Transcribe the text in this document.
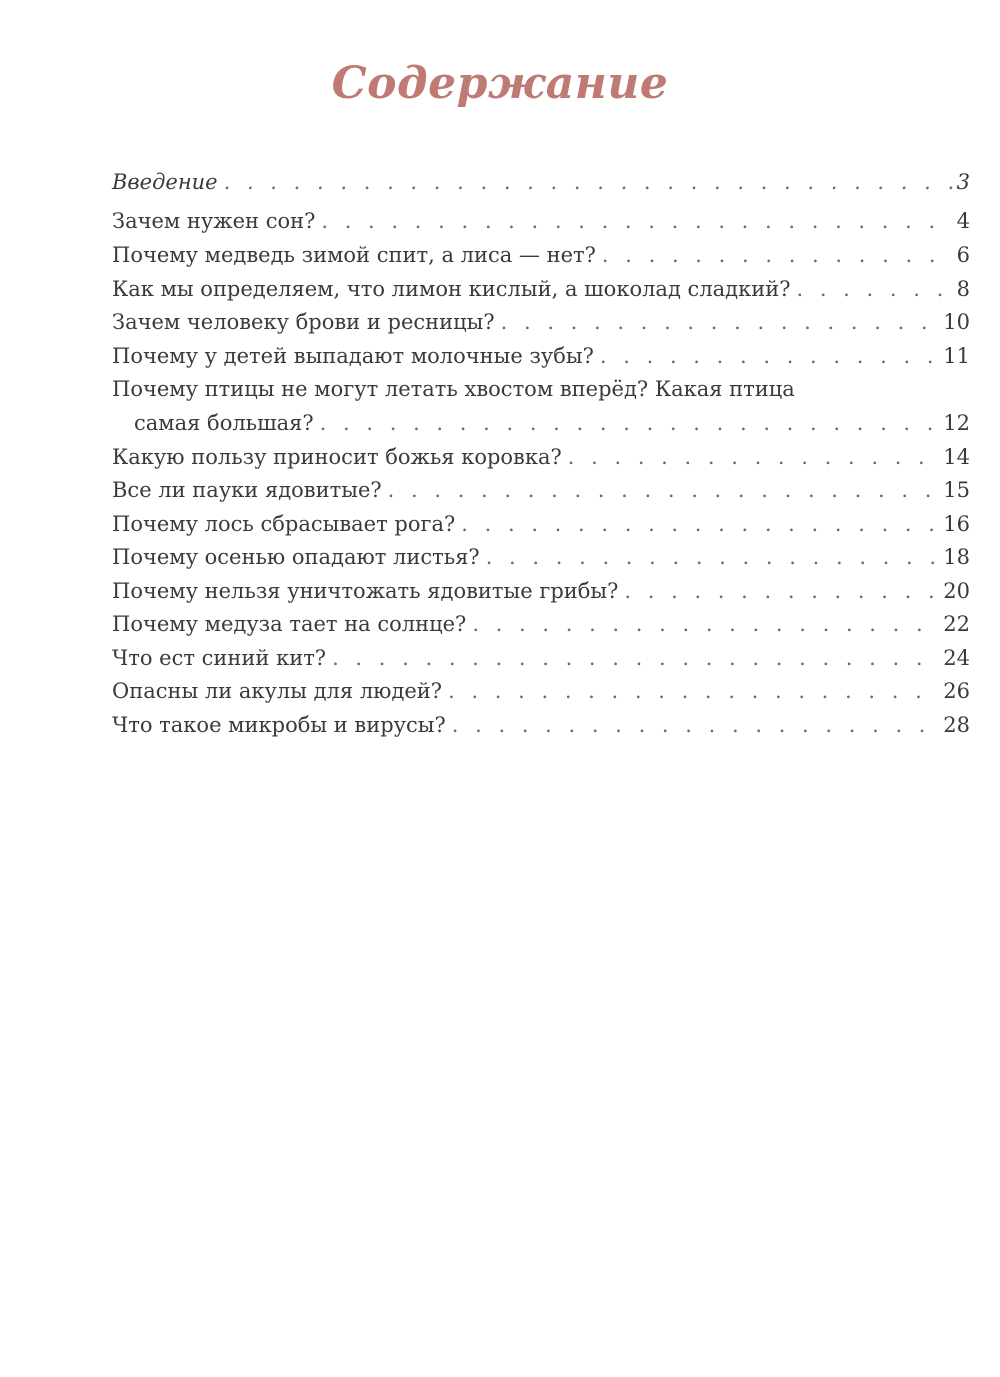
Содержание
Введение . . .	3
Зачем нужен сон? . . .	4
Почему медведь зимой спит, а лиса — нет? . . .	6
Как мы определяем, что лимон кислый, а шоколад сладкий? . . .	8
Зачем человеку брови и ресницы? . . .	10
Почему у детей выпадают молочные зубы? . . .	11
Почему птицы не могут летать хвостом вперёд? Какая птица
самая большая? . . .	12
Какую пользу приносит божья коровка? . . .	14
Все ли пауки ядовитые? . . .	15
Почему лось сбрасывает рога? . . .	16
Почему осенью опадают листья? . . .	18
Почему нельзя уничтожать ядовитые грибы? . . .	20
Почему медуза тает на солнце? . . .	22
Что ест синий кит? . . .	24
Опасны ли акулы для людей? . . .	26
Что такое микробы и вирусы? . . .	28
